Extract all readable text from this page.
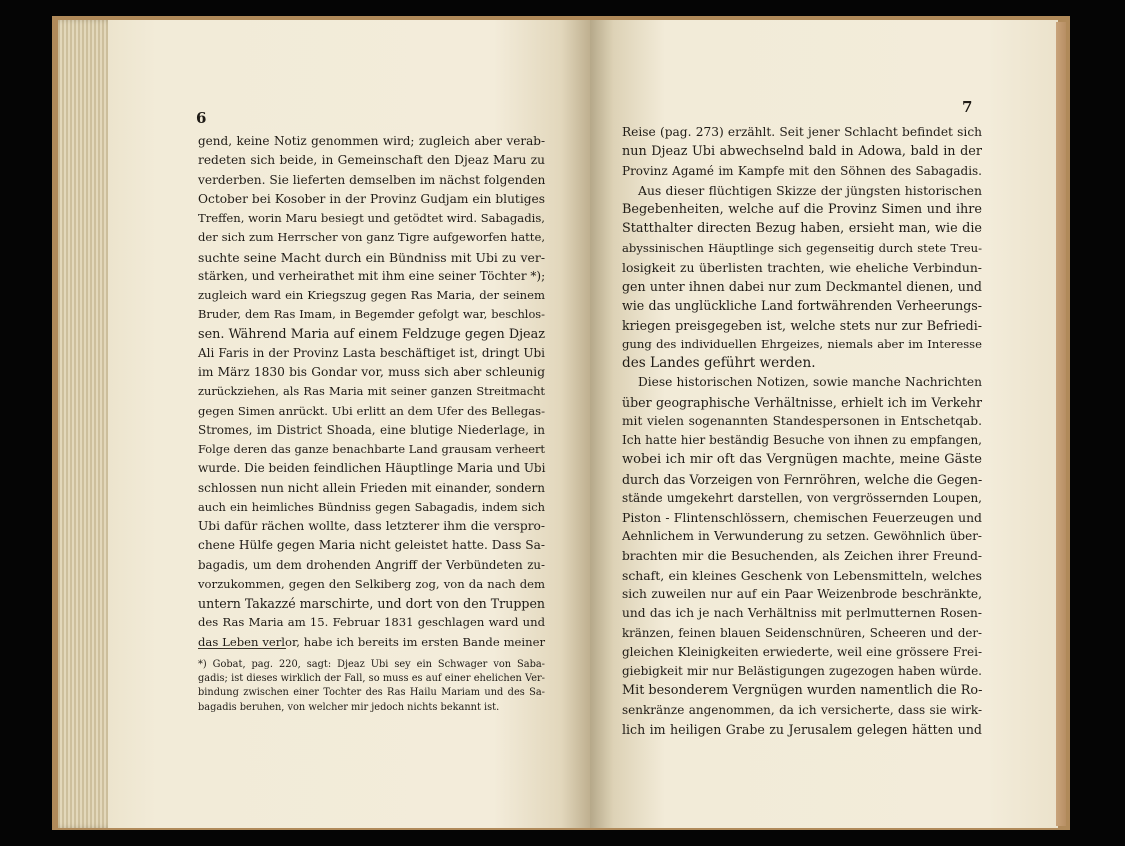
6
gend, keine Notiz genommen wird; zugleich aber verab-
redeten sich beide, in Gemeinschaft den Djeaz Maru zu
verderben. Sie lieferten demselben im nächst folgenden
October bei Kosober in der Provinz Gudjam ein blutiges
Treffen, worin Maru besiegt und getödtet wird. Sabagadis,
der sich zum Herrscher von ganz Tigre aufgeworfen hatte,
suchte seine Macht durch ein Bündniss mit Ubi zu ver-
stärken, und verheirathet mit ihm eine seiner Töchter *);
zugleich ward ein Kriegszug gegen Ras Maria, der seinem
Bruder, dem Ras Imam, in Begemder gefolgt war, beschlos-
sen. Während Maria auf einem Feldzuge gegen Djeaz
Ali Faris in der Provinz Lasta beschäftiget ist, dringt Ubi
im März 1830 bis Gondar vor, muss sich aber schleunig
zurückziehen, als Ras Maria mit seiner ganzen Streitmacht
gegen Simen anrückt. Ubi erlitt an dem Ufer des Bellegas-
Stromes, im District Shoada, eine blutige Niederlage, in
Folge deren das ganze benachbarte Land grausam verheert
wurde. Die beiden feindlichen Häuptlinge Maria und Ubi
schlossen nun nicht allein Frieden mit einander, sondern
auch ein heimliches Bündniss gegen Sabagadis, indem sich
Ubi dafür rächen wollte, dass letzterer ihm die verspro-
chene Hülfe gegen Maria nicht geleistet hatte. Dass Sa-
bagadis, um dem drohenden Angriff der Verbündeten zu-
vorzukommen, gegen den Selkiberg zog, von da nach dem
untern Takazzé marschirte, und dort von den Truppen
des Ras Maria am 15. Februar 1831 geschlagen ward und
das Leben verlor, habe ich bereits im ersten Bande meiner
*) Gobat, pag. 220, sagt: Djeaz Ubi sey ein Schwager von Saba-
gadis; ist dieses wirklich der Fall, so muss es auf einer ehelichen Ver-
bindung zwischen einer Tochter des Ras Hailu Mariam und des Sa-
bagadis beruhen, von welcher mir jedoch nichts bekannt ist.
7
Reise (pag. 273) erzählt. Seit jener Schlacht befindet sich
nun Djeaz Ubi abwechselnd bald in Adowa, bald in der
Provinz Agamé im Kampfe mit den Söhnen des Sabagadis.
Aus dieser flüchtigen Skizze der jüngsten historischen
Begebenheiten, welche auf die Provinz Simen und ihre
Statthalter directen Bezug haben, ersieht man, wie die
abyssinischen Häuptlinge sich gegenseitig durch stete Treu-
losigkeit zu überlisten trachten, wie eheliche Verbindun-
gen unter ihnen dabei nur zum Deckmantel dienen, und
wie das unglückliche Land fortwährenden Verheerungs-
kriegen preisgegeben ist, welche stets nur zur Befriedi-
gung des individuellen Ehrgeizes, niemals aber im Interesse
des Landes geführt werden.
Diese historischen Notizen, sowie manche Nachrichten
über geographische Verhältnisse, erhielt ich im Verkehr
mit vielen sogenannten Standespersonen in Entschetqab.
Ich hatte hier beständig Besuche von ihnen zu empfangen,
wobei ich mir oft das Vergnügen machte, meine Gäste
durch das Vorzeigen von Fernröhren, welche die Gegen-
stände umgekehrt darstellen, von vergrössernden Loupen,
Piston - Flintenschlössern, chemischen Feuerzeugen und
Aehnlichem in Verwunderung zu setzen. Gewöhnlich über-
brachten mir die Besuchenden, als Zeichen ihrer Freund-
schaft, ein kleines Geschenk von Lebensmitteln, welches
sich zuweilen nur auf ein Paar Weizenbrode beschränkte,
und das ich je nach Verhältniss mit perlmutternen Rosen-
kränzen, feinen blauen Seidenschnüren, Scheeren und der-
gleichen Kleinigkeiten erwiederte, weil eine grössere Frei-
giebigkeit mir nur Belästigungen zugezogen haben würde.
Mit besonderem Vergnügen wurden namentlich die Ro-
senkränze angenommen, da ich versicherte, dass sie wirk-
lich im heiligen Grabe zu Jerusalem gelegen hätten und
